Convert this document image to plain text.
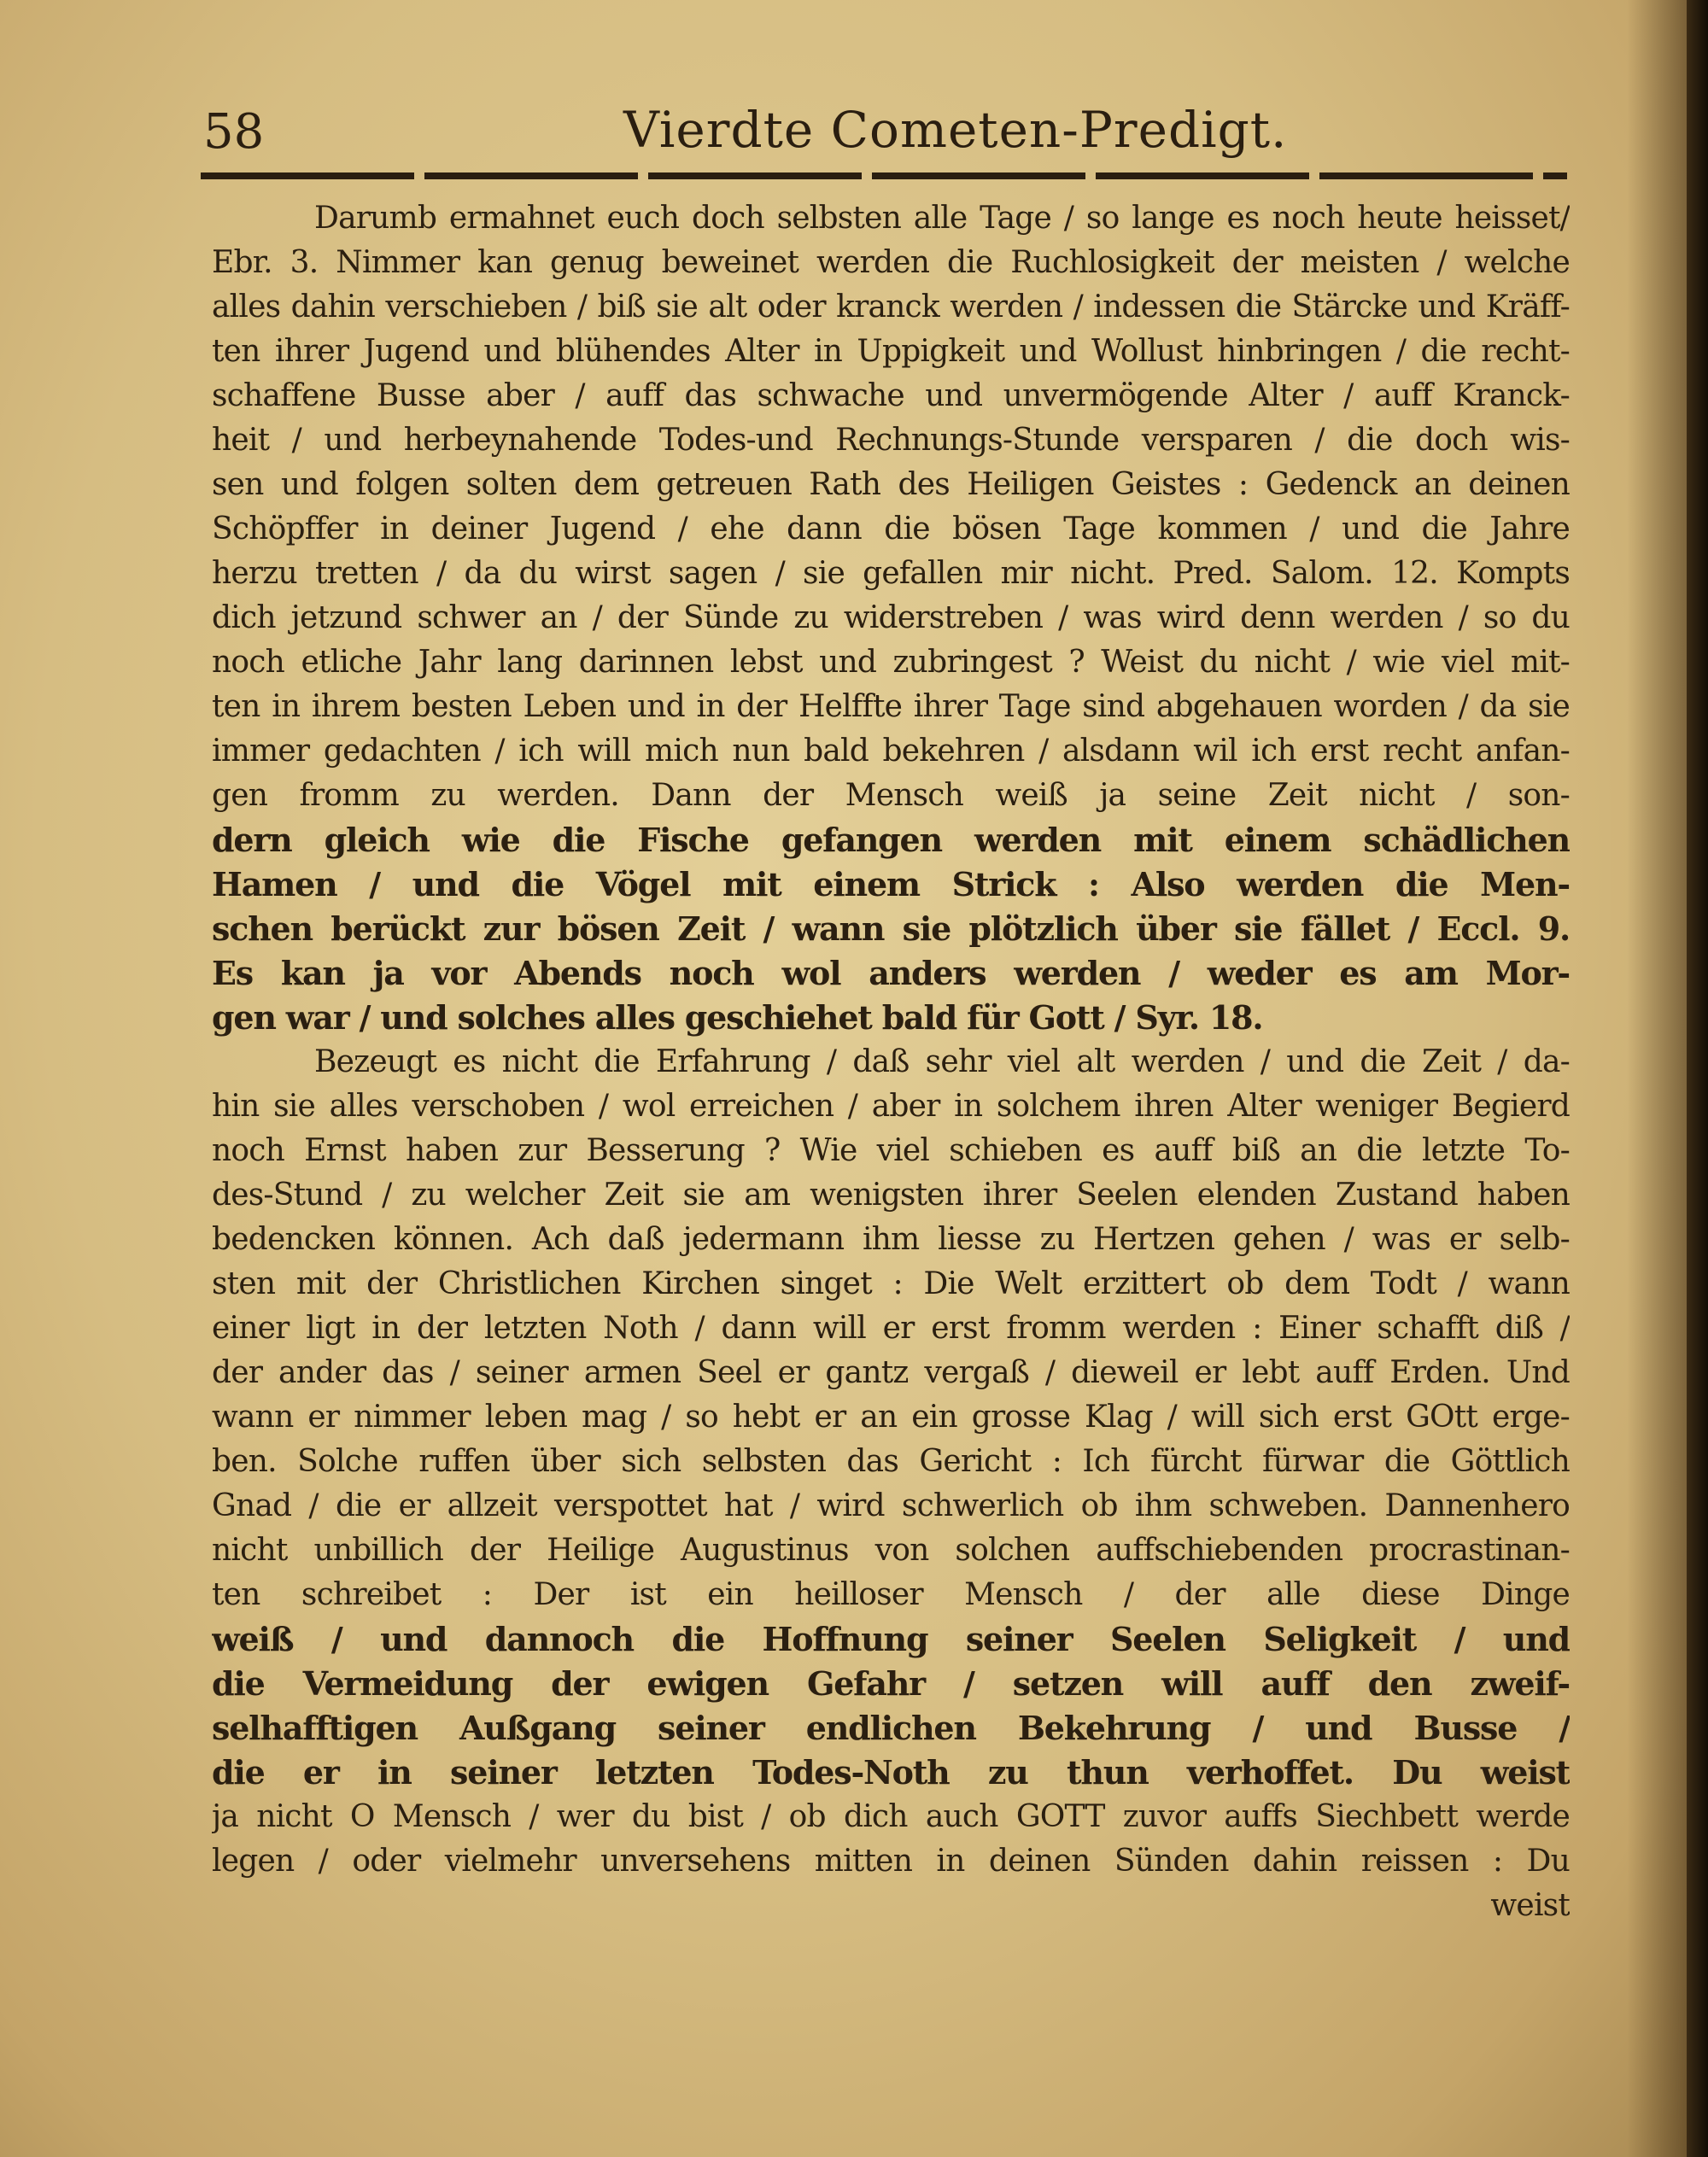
58	Vierdte Cometen-Predigt.
Darumb ermahnet euch doch selbsten alle Tage / so lange es noch heute heisset/
Ebr. 3. Nimmer kan genug beweinet werden die Ruchlosigkeit der meisten / welche
alles dahin verschieben / biß sie alt oder kranck werden / indessen die Stärcke und Kräff-
ten ihrer Jugend und blühendes Alter in Uppigkeit und Wollust hinbringen / die recht-
schaffene Busse aber / auff das schwache und unvermögende Alter / auff Kranck-
heit / und herbeynahende Todes-und Rechnungs-Stunde versparen / die doch wis-
sen und folgen solten dem getreuen Rath des Heiligen Geistes : Gedenck an deinen
Schöpffer in deiner Jugend / ehe dann die bösen Tage kommen / und die Jahre
herzu tretten / da du wirst sagen / sie gefallen mir nicht. Pred. Salom. 12. Kompts
dich jetzund schwer an / der Sünde zu widerstreben / was wird denn werden / so du
noch etliche Jahr lang darinnen lebst und zubringest ? Weist du nicht / wie viel mit-
ten in ihrem besten Leben und in der Helffte ihrer Tage sind abgehauen worden / da sie
immer gedachten / ich will mich nun bald bekehren / alsdann wil ich erst recht anfan-
gen fromm zu werden. Dann der Mensch weiß ja seine Zeit nicht / son-
dern gleich wie die Fische gefangen werden mit einem schädlichen
Hamen / und die Vögel mit einem Strick : Also werden die Men-
schen berückt zur bösen Zeit / wann sie plötzlich über sie fället / Eccl. 9.
Es kan ja vor Abends noch wol anders werden / weder es am Mor-
gen war / und solches alles geschiehet bald für Gott / Syr. 18.
Bezeugt es nicht die Erfahrung / daß sehr viel alt werden / und die Zeit / da-
hin sie alles verschoben / wol erreichen / aber in solchem ihren Alter weniger Begierd
noch Ernst haben zur Besserung ? Wie viel schieben es auff biß an die letzte To-
des-Stund / zu welcher Zeit sie am wenigsten ihrer Seelen elenden Zustand haben
bedencken können. Ach daß jedermann ihm liesse zu Hertzen gehen / was er selb-
sten mit der Christlichen Kirchen singet : Die Welt erzittert ob dem Todt / wann
einer ligt in der letzten Noth / dann will er erst fromm werden : Einer schafft diß /
der ander das / seiner armen Seel er gantz vergaß / dieweil er lebt auff Erden. Und
wann er nimmer leben mag / so hebt er an ein grosse Klag / will sich erst GOtt erge-
ben. Solche ruffen über sich selbsten das Gericht : Ich fürcht fürwar die Göttlich
Gnad / die er allzeit verspottet hat / wird schwerlich ob ihm schweben. Dannenhero
nicht unbillich der Heilige Augustinus von solchen auffschiebenden procrastinan-
ten schreibet : Der ist ein heilloser Mensch / der alle diese Dinge
weiß / und dannoch die Hoffnung seiner Seelen Seligkeit / und
die Vermeidung der ewigen Gefahr / setzen will auff den zweif-
selhafftigen Außgang seiner endlichen Bekehrung / und Busse /
die er in seiner letzten Todes-Noth zu thun verhoffet. Du weist
ja nicht O Mensch / wer du bist / ob dich auch GOTT zuvor auffs Siechbett werde
legen / oder vielmehr unversehens mitten in deinen Sünden dahin reissen : Du
weist
